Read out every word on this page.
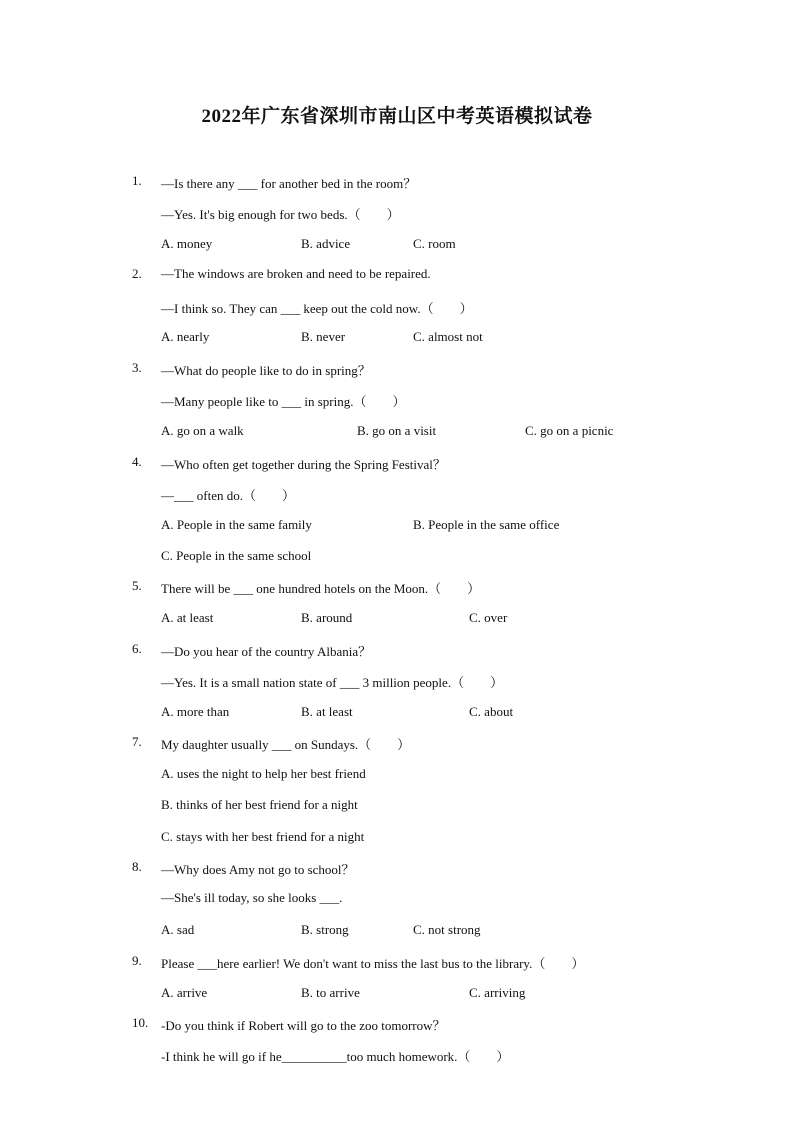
2022年广东省深圳市南山区中考英语模拟试卷
1. —Is there any ___ for another bed in the room？
—Yes. It's big enough for two beds.（　　）
A. money	B. advice	C. room
2. —The windows are broken and need to be repaired.
—I think so. They can ___ keep out the cold now.（　　）
A. nearly	B. never	C. almost not
3. —What do people like to do in spring？
—Many people like to ___ in spring.（　　）
A. go on a walk	B. go on a visit	C. go on a picnic
4. —Who often get together during the Spring Festival？
—___ often do.（　　）
A. People in the same family	B. People in the same office
C. People in the same school
5. There will be ___ one hundred hotels on the Moon.（　　）
A. at least	B. around	C. over
6. —Do you hear of the country Albania？
—Yes. It is a small nation state of ___ 3 million people.（　　）
A. more than	B. at least	C. about
7. My daughter usually ___ on Sundays.（　　）
A. uses the night to help her best friend
B. thinks of her best friend for a night
C. stays with her best friend for a night
8. —Why does Amy not go to school？
—She's ill today, so she looks ___.
A. sad	B. strong	C. not strong
9. Please ___here earlier! We don't want to miss the last bus to the library.（　　）
A. arrive	B. to arrive	C. arriving
10. -Do you think if Robert will go to the zoo tomorrow？
-I think he will go if he__________too much homework.（　　）
